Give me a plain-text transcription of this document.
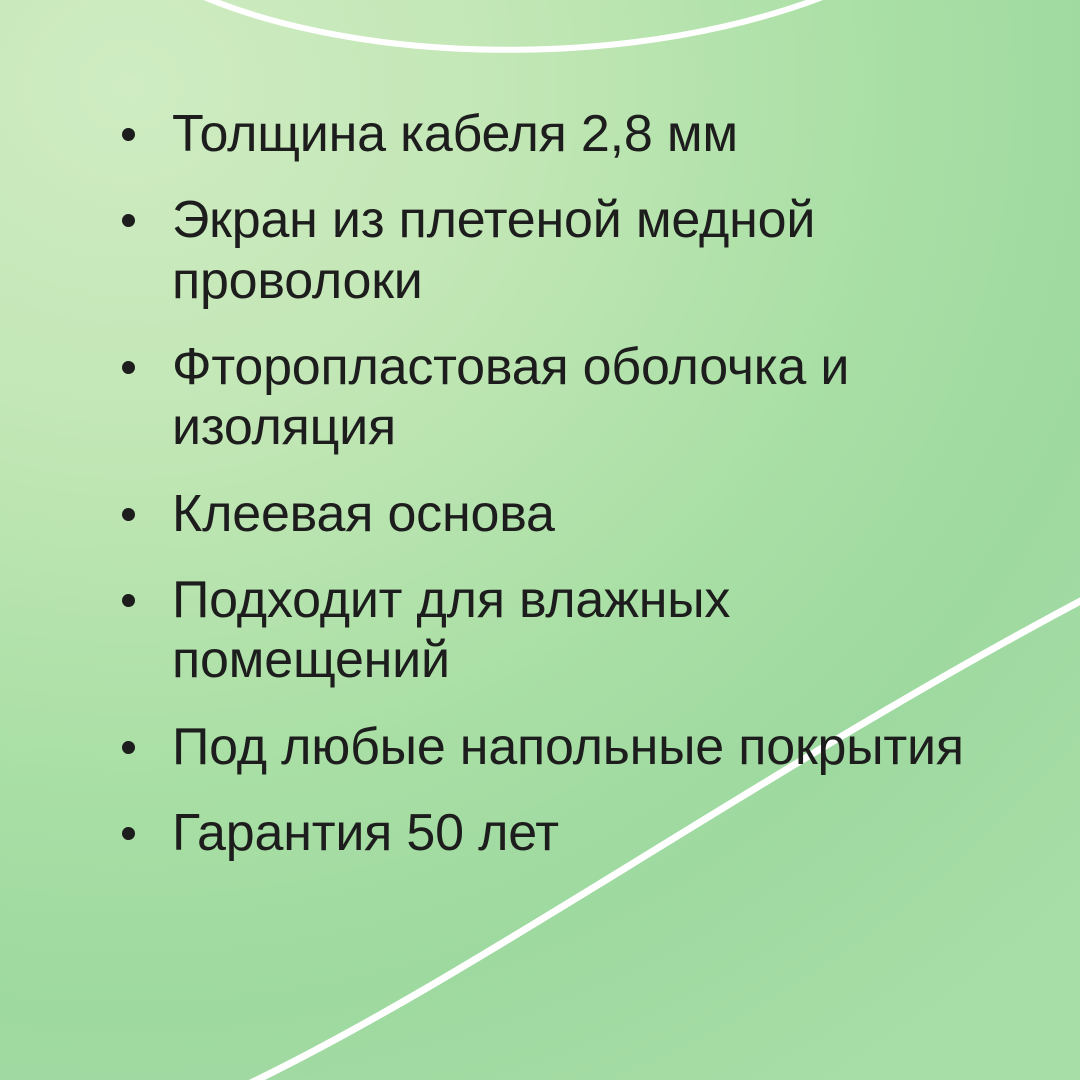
Толщина кабеля 2,8 мм
Экран из плетеной медной проволоки
Фторопластовая оболочка и изоляция
Клеевая основа
Подходит для влажных помещений
Под любые напольные покрытия
Гарантия 50 лет
